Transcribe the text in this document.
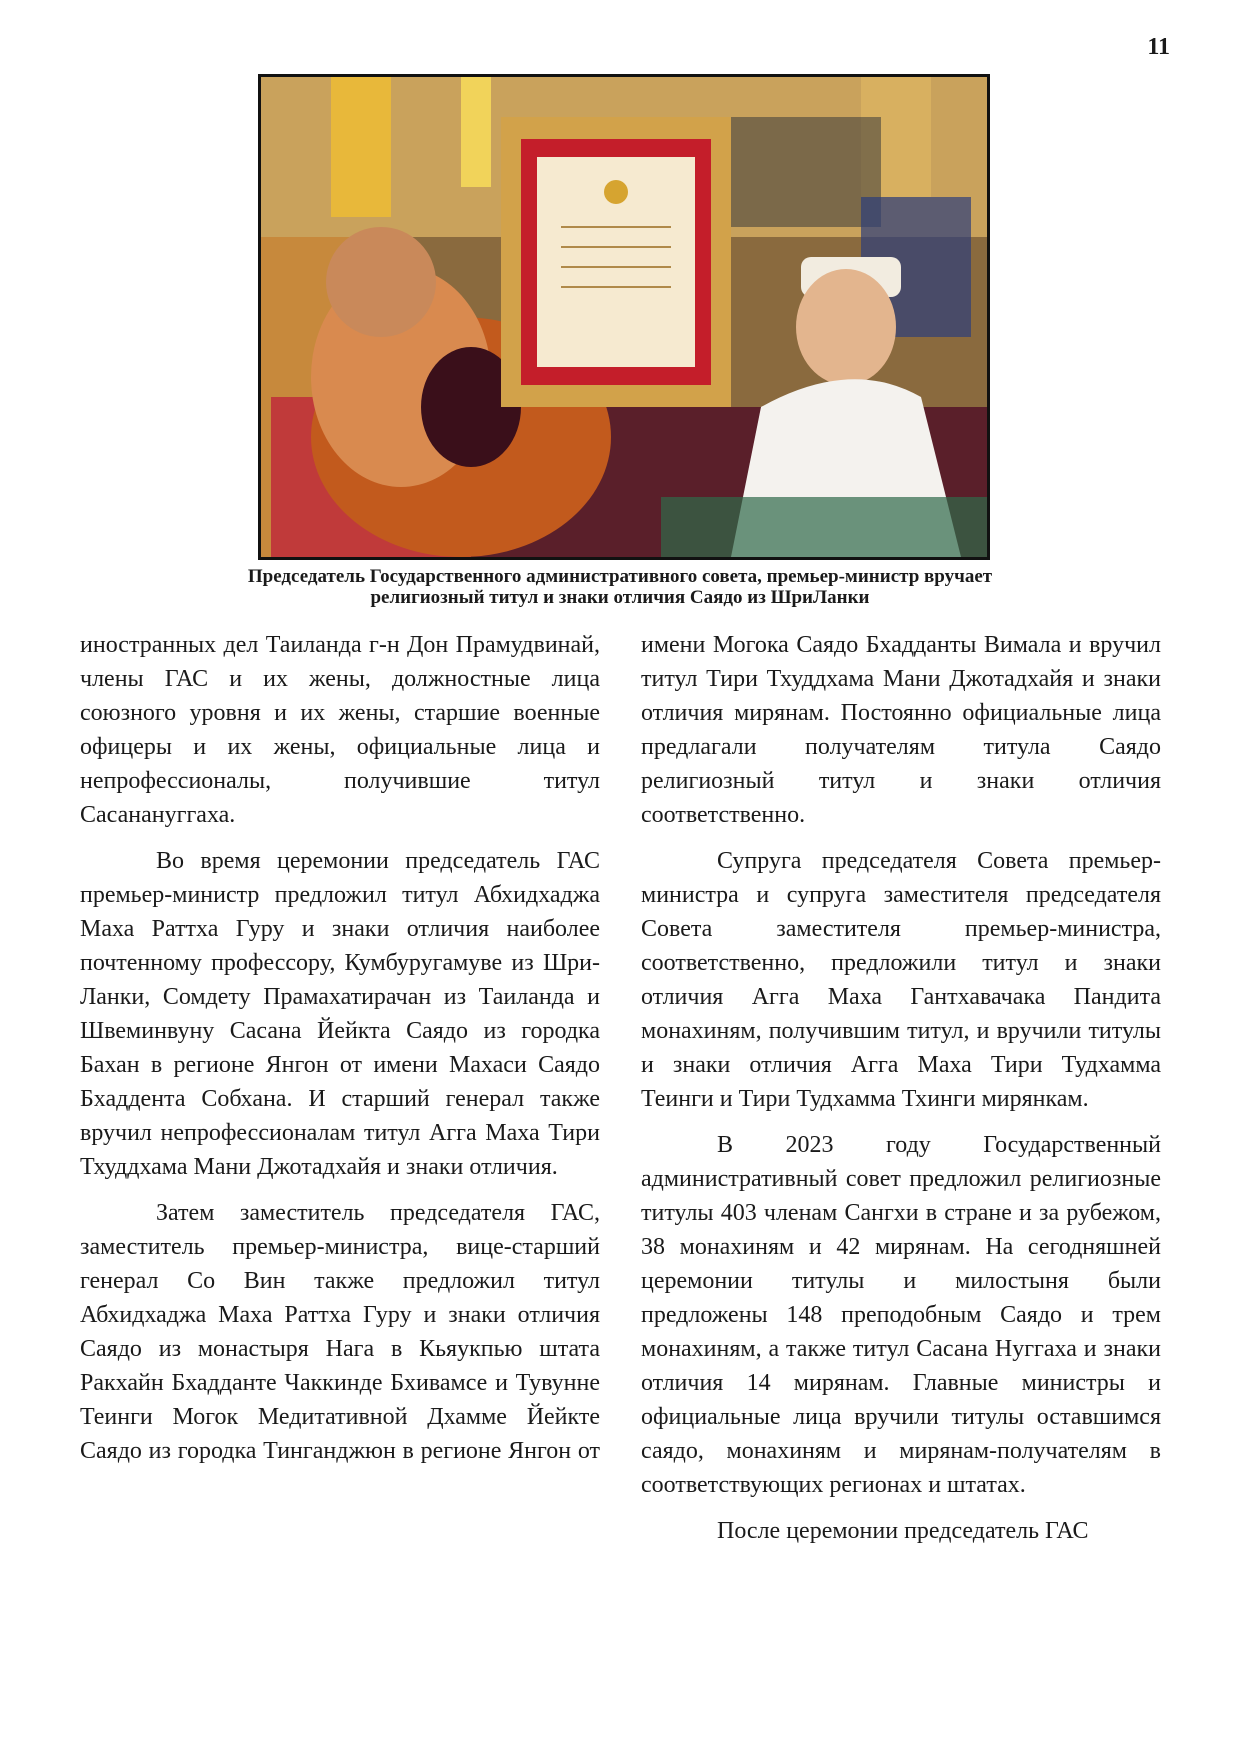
11
Председатель Государственного административного совета, премьер-министр вручает
религиозный титул и знаки отличия Саядо из ШриЛанки

иностранных дел Таиланда г-н Дон Прамудвинай, члены ГАС и их жены, должностные лица союзного уровня и их жены, старшие военные офицеры и их жены, официальные лица и непрофессионалы, получившие титул Сасанануггаха.

Во время церемонии председатель ГАС премьер-министр предложил титул Абхидхаджа Маха Раттха Гуру и знаки отличия наиболее почтенному профессору, Кумбуругамуве из Шри-Ланки, Сомдету Прамахатирачан из Таиланда и Швеминвуну Сасана Йейкта Саядо из городка Бахан в регионе Янгон от имени Махаси Саядо Бхаддента Собхана. И старший генерал также вручил непрофессионалам титул Агга Маха Тири Тхуддхама Мани Джотадхайя и знаки отличия.

Затем заместитель председателя ГАС, заместитель премьер-министра, вице-старший генерал Со Вин также предложил титул Абхидхаджа Маха Раттха Гуру и знаки отличия Саядо из монастыря Нага в Кьяукпью штата Ракхайн Бхадданте Чаккинде Бхивамсе и Тувунне Теинги Могок Медитативной Дхамме Йейкте Саядо из городка Тинганджюн в регионе Янгон от

имени Могока Саядо Бхадданты Вимала и вручил титул Тири Тхуддхама Мани Джотадхайя и знаки отличия мирянам. Постоянно официальные лица предлагали получателям титула Саядо религиозный титул и знаки отличия соответственно.

Супруга председателя Совета премьер-министра и супруга заместителя председателя Совета заместителя премьер-министра, соответственно, предложили титул и знаки отличия Агга Маха Гантхавачака Пандита монахиням, получившим титул, и вручили титулы и знаки отличия Агга Маха Тири Тудхамма Теинги и Тири Тудхамма Тхинги мирянкам.

В 2023 году Государственный административный совет предложил религиозные титулы 403 членам Сангхи в стране и за рубежом, 38 монахиням и 42 мирянам. На сегодняшней церемонии титулы и милостыня были предложены 148 преподобным Саядо и трем монахиням, а также титул Сасана Нуггаха и знаки отличия 14 мирянам. Главные министры и официальные лица вручили титулы оставшимся саядо, монахиням и мирянам-получателям в соответствующих регионах и штатах.

После церемонии председатель ГАС
